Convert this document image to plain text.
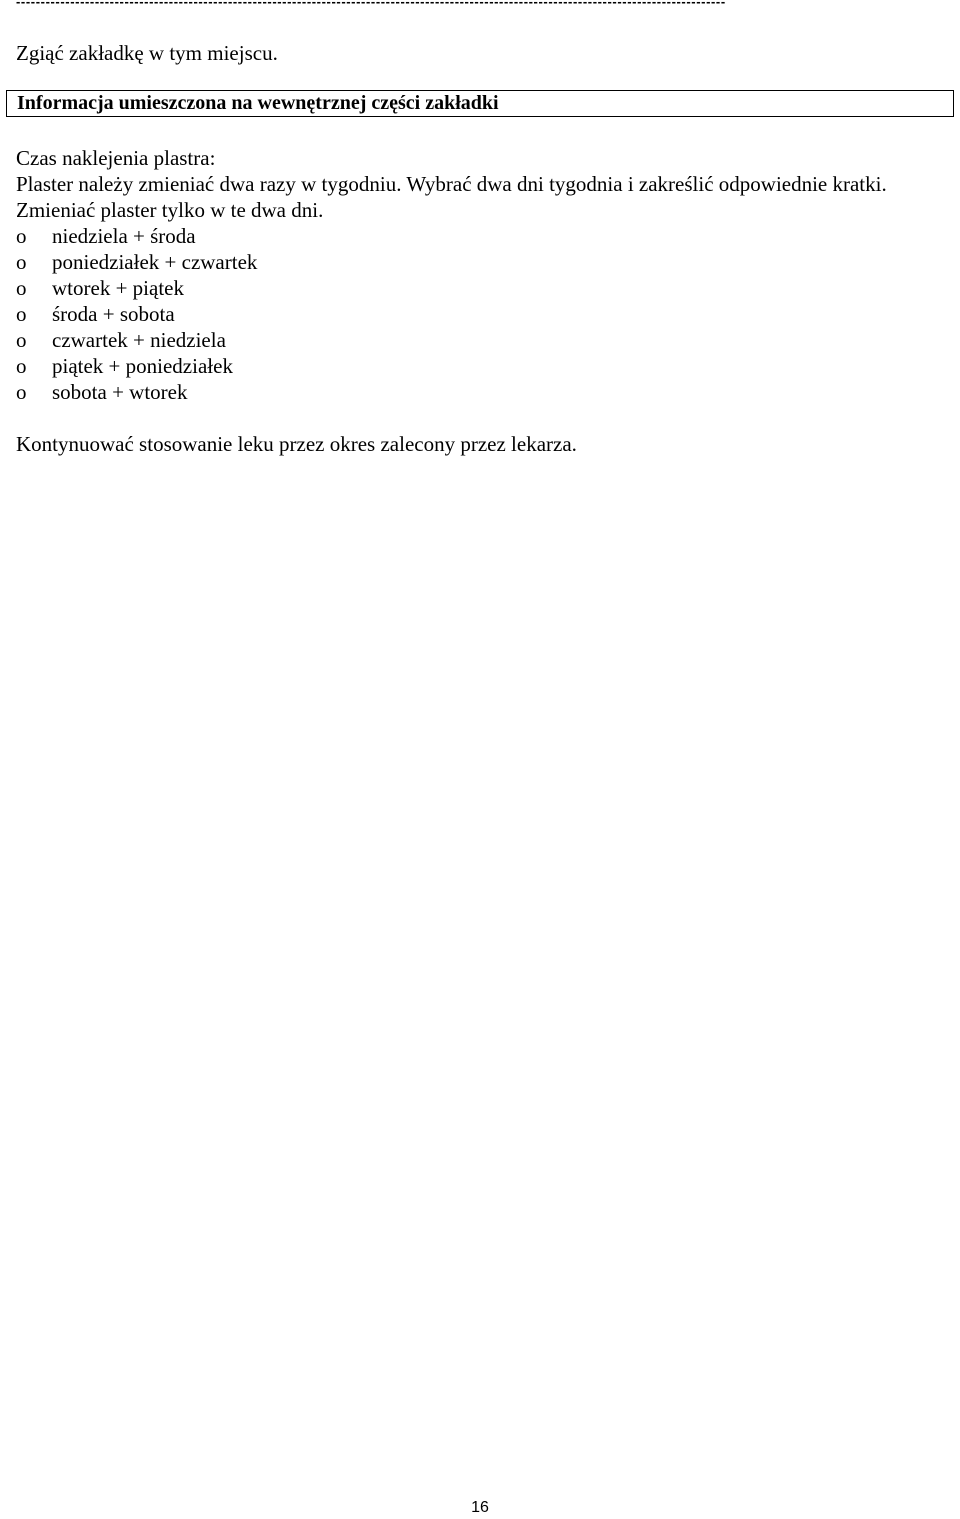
------------------------------------------------------------------------------------------------------------------------------------------------
Zgiąć zakładkę w tym miejscu.
Informacja umieszczona na wewnętrznej części zakładki

Czas naklejenia plastra:

Plaster należy zmieniać dwa razy w tygodniu. Wybrać dwa dni tygodnia i zakreślić odpowiednie kratki. Zmieniać plaster tylko w te dwa dni.

o	niedziela + środa
o	poniedziałek + czwartek
o	wtorek + piątek
o	środa + sobota
o	czwartek + niedziela
o	piątek + poniedziałek
o	sobota + wtorek

Kontynuować stosowanie leku przez okres zalecony przez lekarza.

16
